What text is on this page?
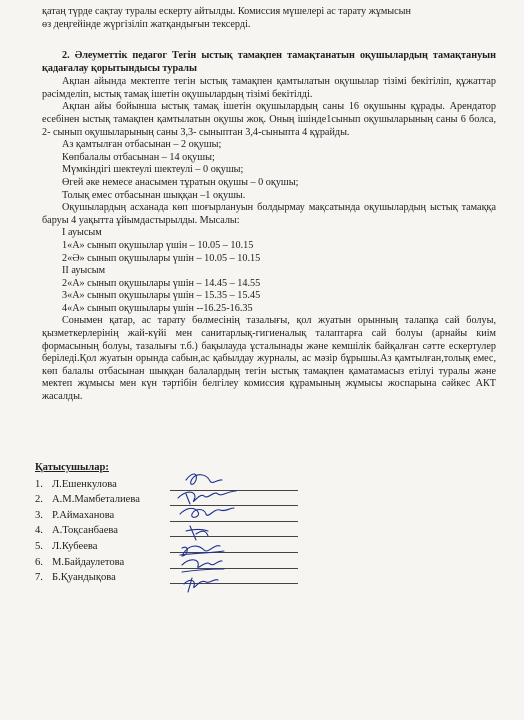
қатаң түрде сақтау туралы ескерту айтылды. Комиссия мүшелері ас тарату жұмысын

өз деңгейінде жүргізіліп жатқандығын тексерді.

2. Әлеуметтік педагог Тегін ыстық тамақпен тамақтанатын оқушылардың тамақтануын қадағалау қорытындысы туралы

Ақпан айында мектепте тегін ыстық тамақпен қамтылатын оқушылар тізімі бекітіліп, құжаттар рәсімделіп, ыстық тамақ ішетін оқушылардың тізімі бекітілді.

Ақпан айы бойынша ыстық тамақ ішетін оқушылардың саны 16 оқушыны құрады. Арендатор есебінен ыстық тамақпен қамтылатын оқушы жоқ. Оның ішінде1сынып оқушыларының саны 6 болса, 2- сынып оқушыларының саны 3,3- сыныптан 3,4-сыныпта 4 құрайды.

Аз қамтылған отбасынан – 2 оқушы;

Көпбалалы отбасынан – 14 оқушы;

Мүмкіндігі шектеулі шектеулі – 0 оқушы;

Өгей әке немесе анасымен тұратын оқушы – 0 оқушы;

Толық емес отбасынан шыққан –1 оқушы.

Оқушылардың асханада көп шоғырлануын болдырмау мақсатында оқушылардың ыстық тамаққа баруы 4 уақытта ұйымдастырылды. Мысалы:

I ауысым

1«А» сынып оқушылар үшін – 10.05 – 10.15

2«Ә» сынып оқушылары үшін – 10.05 – 10.15

II ауысым

2«А» сынып оқушылары үшін – 14.45 – 14.55

3«А» сынып оқушылары үшін – 15.35 – 15.45

4«А» сынып оқушылары үшін --16.25-16.35

Сонымен қатар, ас тарату бөлмесінің тазалығы, қол жуатын орынның талапқа сай болуы, қызметкерлерінің жай-күйі мен санитарлық-гигиеналық талаптарға сай болуы (арнайы киім формасының болуы, тазалығы т.б.) бақылауда ұсталынады және кемшілік байқалған сәтте ескертулер беріледі.Қол жуатын орында сабын,ас қабылдау журналы, ас мәзір бұрышы.Аз қамтылған,толық емес, көп балалы отбасынан шыққан балалардың тегін ыстық тамақпен қаматамасыз етілуі туралы және мектеп жұмысы мен күн тәртібін белгілеу комиссия құрамының жұмысы жоспарына сәйкес АКТ жасалды.

Қатысушылар:
1. Л.Ешенкулова
2. А.М.Мамбеталиева
3. Р.Аймаханова
4. А.Тоқсанбаева
5. Л.Кубеева
6. М.Байдаулетова
7. Б.Қуандықова
